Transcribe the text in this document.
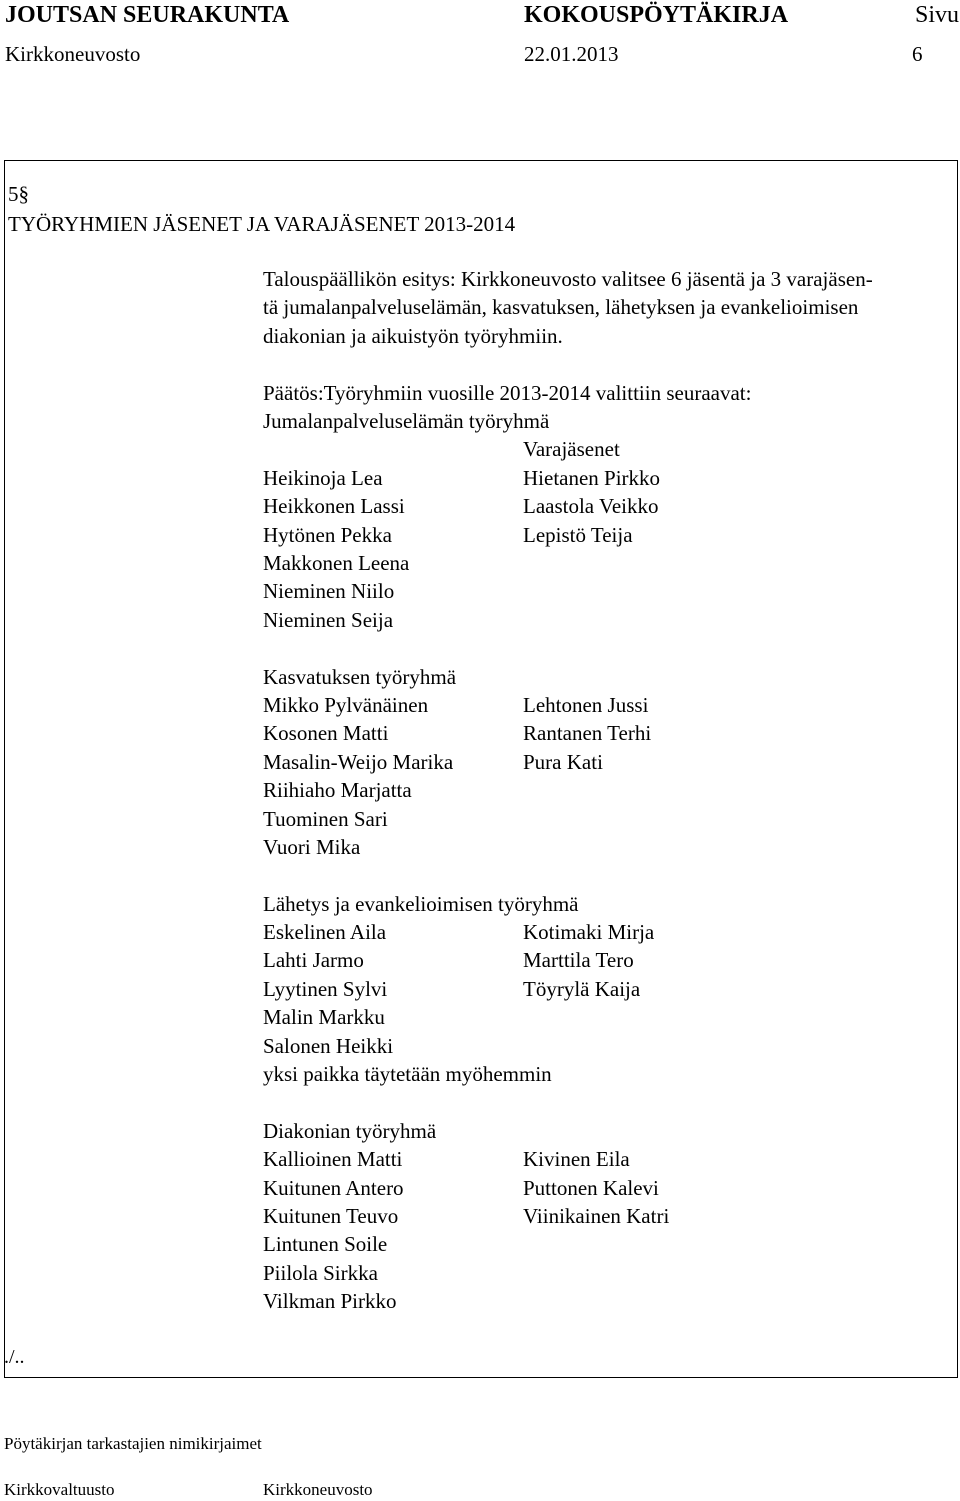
JOUTSAN SEURAKUNTA	KOKOUSPÖYTÄKIRJA	Sivu
Kirkkoneuvosto	22.01.2013	6
5§
TYÖRYHMIEN JÄSENET JA VARAJÄSENET 2013-2014
Talouspäällikön esitys: Kirkkoneuvosto valitsee 6 jäsentä ja 3 varajäsen-
tä jumalanpalveluselämän, kasvatuksen, lähetyksen ja evankelioimisen
diakonian ja aikuistyön työryhmiin.
Päätös:Työryhmiin vuosille 2013-2014 valittiin seuraavat:
Jumalanpalveluselämän työryhmä
Varajäsenet
Heikinoja Lea	Hietanen Pirkko
Heikkonen Lassi	Laastola Veikko
Hytönen Pekka	Lepistö Teija
Makkonen Leena
Nieminen Niilo
Nieminen Seija
Kasvatuksen työryhmä
Mikko Pylvänäinen	Lehtonen Jussi
Kosonen Matti	Rantanen Terhi
Masalin-Weijo Marika	Pura Kati
Riihiaho Marjatta
Tuominen Sari
Vuori Mika
Lähetys ja evankelioimisen työryhmä
Eskelinen Aila	Kotimaki Mirja
Lahti Jarmo	Marttila Tero
Lyytinen Sylvi	Töyrylä Kaija
Malin Markku
Salonen Heikki
yksi paikka täytetään myöhemmin
Diakonian työryhmä
Kallioinen Matti	Kivinen Eila
Kuitunen Antero	Puttonen Kalevi
Kuitunen Teuvo	Viinikainen Katri
Lintunen Soile
Piilola Sirkka
Vilkman Pirkko
./..
Pöytäkirjan tarkastajien nimikirjaimet
Kirkkovaltuusto	Kirkkoneuvosto
